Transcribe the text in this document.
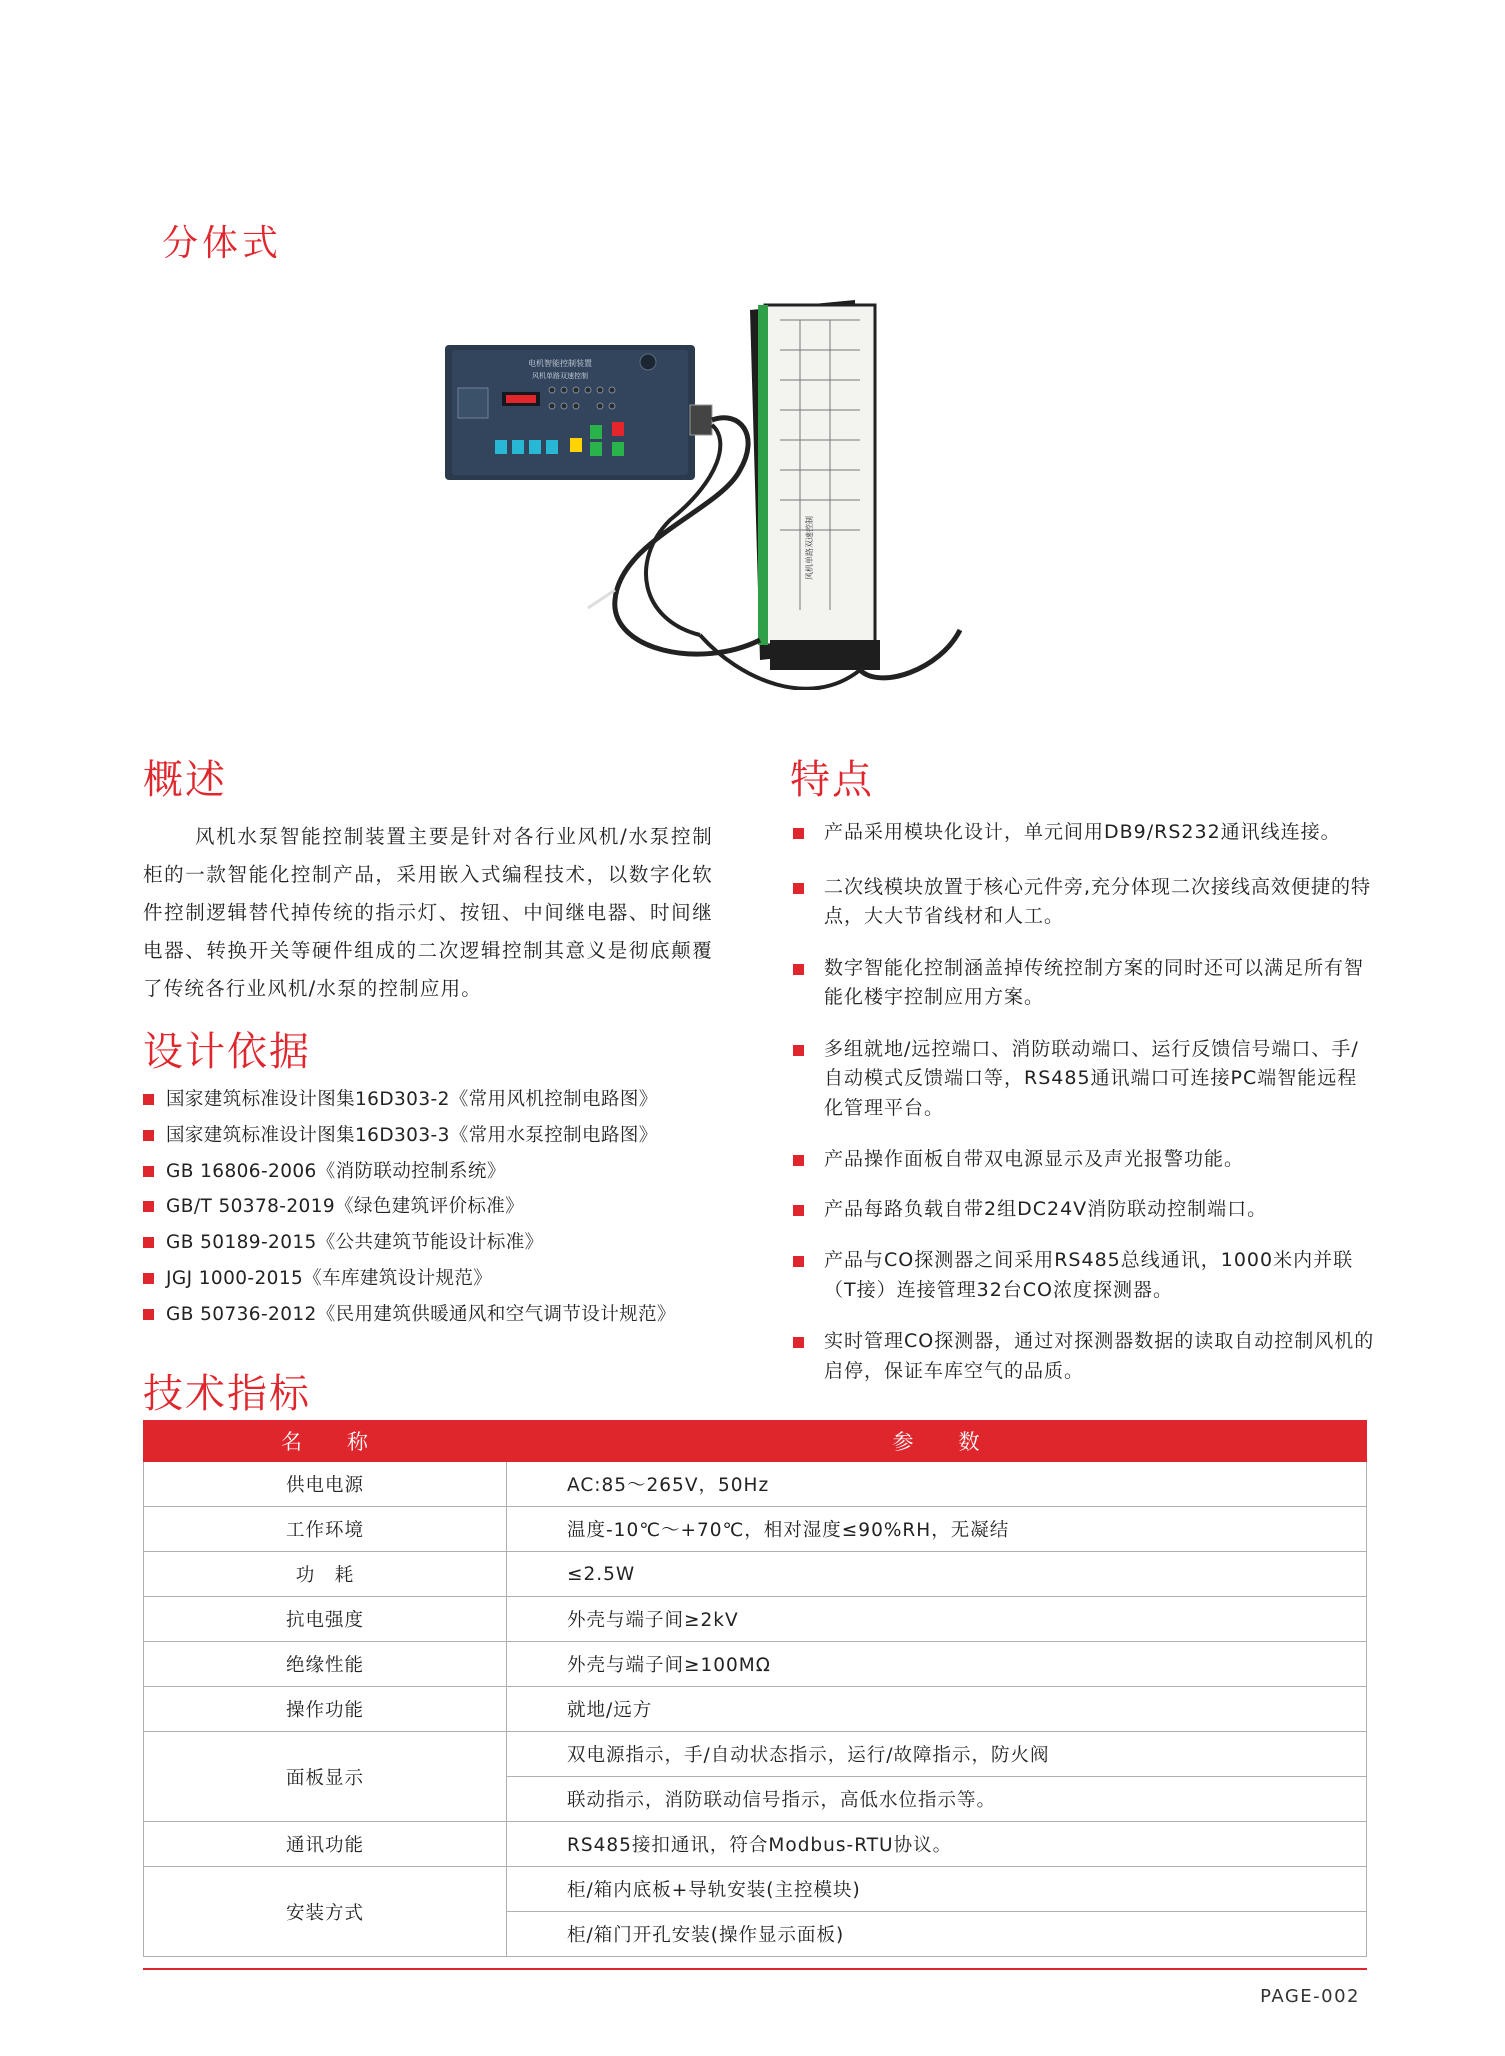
分体式
电机智能控制装置
风机单路双速控制
风机单路双速控制
概述
风机水泵智能控制装置主要是针对各行业风机/水泵控制柜的一款智能化控制产品，采用嵌入式编程技术，以数字化软件控制逻辑替代掉传统的指示灯、按钮、中间继电器、时间继电器、转换开关等硬件组成的二次逻辑控制其意义是彻底颠覆了传统各行业风机/水泵的控制应用。
设计依据
国家建筑标准设计图集16D303-2《常用风机控制电路图》
国家建筑标准设计图集16D303-3《常用水泵控制电路图》
GB 16806-2006《消防联动控制系统》
GB/T 50378-2019《绿色建筑评价标准》
GB 50189-2015《公共建筑节能设计标准》
JGJ 1000-2015《车库建筑设计规范》
GB 50736-2012《民用建筑供暖通风和空气调节设计规范》
特点
产品采用模块化设计，单元间用DB9/RS232通讯线连接。
二次线模块放置于核心元件旁,充分体现二次接线高效便捷的特点，大大节省线材和人工。
数字智能化控制涵盖掉传统控制方案的同时还可以满足所有智能化楼宇控制应用方案。
多组就地/远控端口、消防联动端口、运行反馈信号端口、手/自动模式反馈端口等，RS485通讯端口可连接PC端智能远程化管理平台。
产品操作面板自带双电源显示及声光报警功能。
产品每路负载自带2组DC24V消防联动控制端口。
产品与CO探测器之间采用RS485总线通讯，1000米内并联（T接）连接管理32台CO浓度探测器。
实时管理CO探测器，通过对探测器数据的读取自动控制风机的启停，保证车库空气的品质。
技术指标
名　　称	参　　数
供电电源	AC:85～265V，50Hz
工作环境	温度-10℃～+70℃，相对湿度≤90%RH，无凝结
功　耗	≤2.5W
抗电强度	外壳与端子间≥2kV
绝缘性能	外壳与端子间≥100MΩ
操作功能	就地/远方
面板显示	双电源指示，手/自动状态指示，运行/故障指示，防火阀
	联动指示，消防联动信号指示，高低水位指示等。
通讯功能	RS485接扣通讯，符合Modbus-RTU协议。
安装方式	柜/箱内底板+导轨安装(主控模块)
	柜/箱门开孔安装(操作显示面板)
PAGE-002
